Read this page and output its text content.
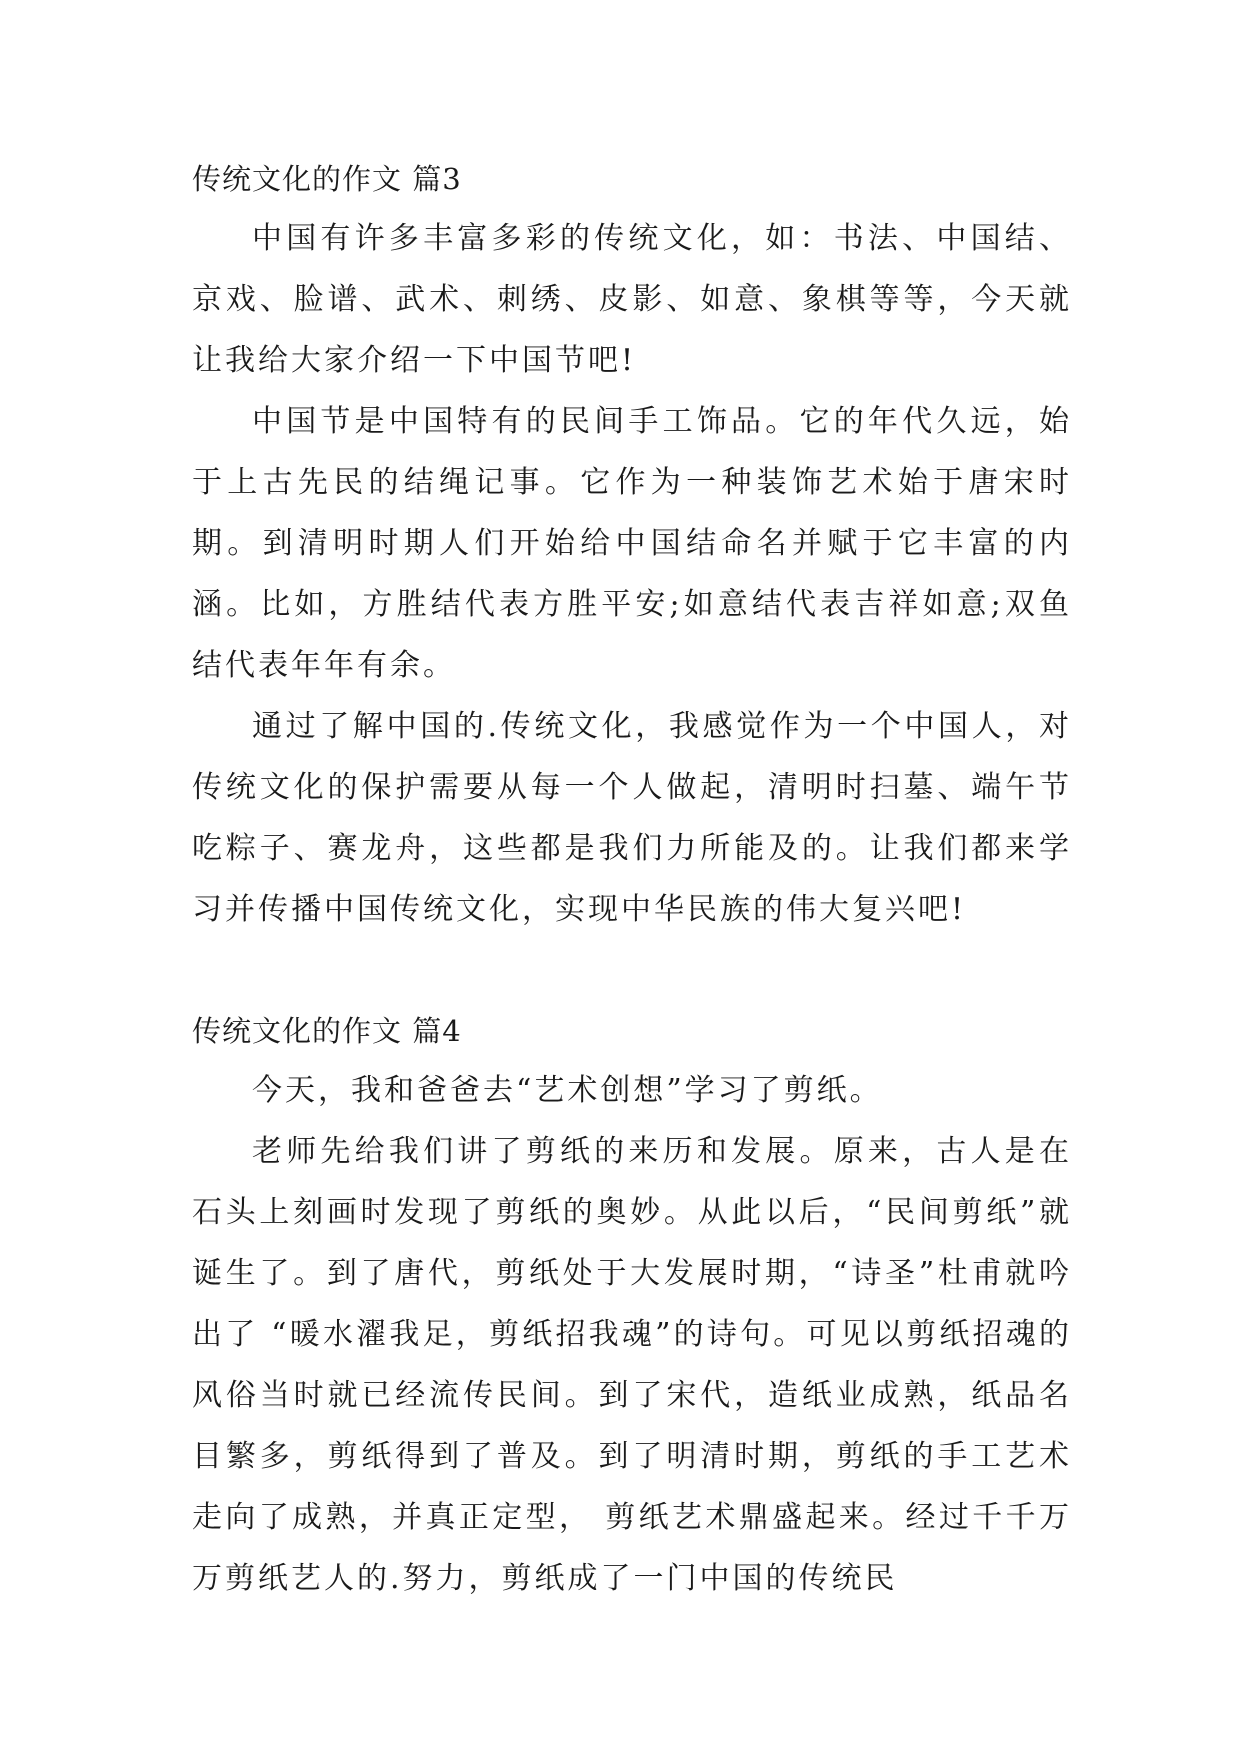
传统文化的作文 篇3

中国有许多丰富多彩的传统文化，如：书法、中国结、京戏、脸谱、武术、刺绣、皮影、如意、象棋等等，今天就让我给大家介绍一下中国节吧!

中国节是中国特有的民间手工饰品。它的年代久远，始于上古先民的结绳记事。它作为一种装饰艺术始于唐宋时期。到清明时期人们开始给中国结命名并赋于它丰富的内涵。比如，方胜结代表方胜平安;如意结代表吉祥如意;双鱼结代表年年有余。

通过了解中国的.传统文化，我感觉作为一个中国人，对传统文化的保护需要从每一个人做起，清明时扫墓、端午节吃粽子、赛龙舟，这些都是我们力所能及的。让我们都来学习并传播中国传统文化，实现中华民族的伟大复兴吧!

传统文化的作文 篇4

今天，我和爸爸去“艺术创想”学习了剪纸。

老师先给我们讲了剪纸的来历和发展。原来，古人是在石头上刻画时发现了剪纸的奥妙。从此以后，“民间剪纸”就诞生了。到了唐代，剪纸处于大发展时期，“诗圣”杜甫就吟出了 “暖水濯我足，剪纸招我魂”的诗句。可见以剪纸招魂的风俗当时就已经流传民间。到了宋代，造纸业成熟，纸品名目繁多，剪纸得到了普及。到了明清时期，剪纸的手工艺术走向了成熟，并真正定型， 剪纸艺术鼎盛起来。经过千千万万剪纸艺人的.努力，剪纸成了一门中国的传统民
